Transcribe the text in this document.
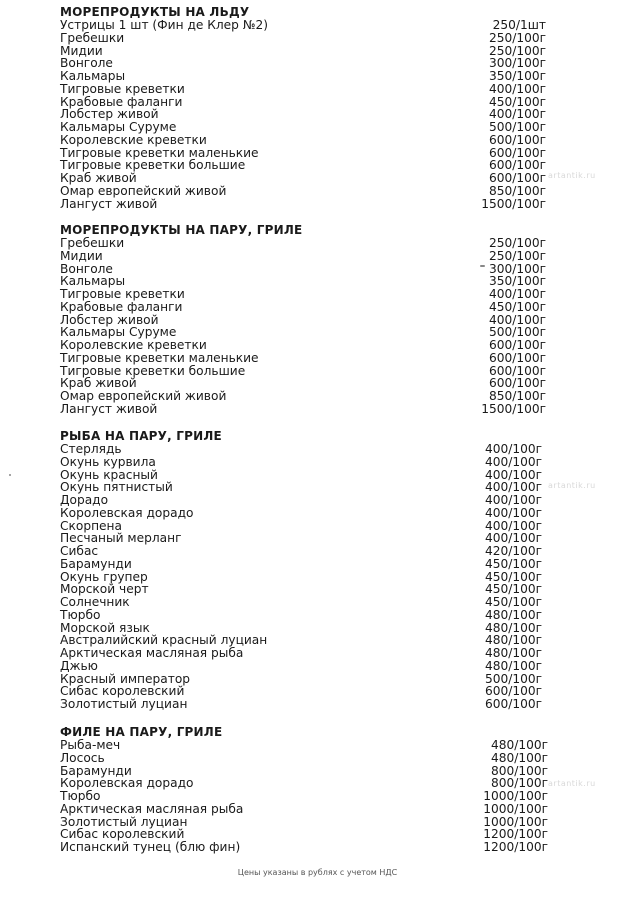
МОРЕПРОДУКТЫ НА ЛЬДУ
Устрицы 1 шт (Фин де Клер №2)	250/1шт
Гребешки	250/100г
Мидии	250/100г
Вонголе	300/100г
Кальмары	350/100г
Тигровые креветки	400/100г
Крабовые фаланги	450/100г
Лобстер живой	400/100г
Кальмары Суруме	500/100г
Королевские креветки	600/100г
Тигровые креветки маленькие	600/100г
Тигровые креветки большие	600/100г
Краб живой	600/100г
Омар европейский живой	850/100г
Лангуст живой	1500/100г
МОРЕПРОДУКТЫ НА ПАРУ, ГРИЛЕ
Гребешки	250/100г
Мидии	250/100г
Вонголе	300/100г
Кальмары	350/100г
Тигровые креветки	400/100г
Крабовые фаланги	450/100г
Лобстер живой	400/100г
Кальмары Суруме	500/100г
Королевские креветки	600/100г
Тигровые креветки маленькие	600/100г
Тигровые креветки большие	600/100г
Краб живой	600/100г
Омар европейский живой	850/100г
Лангуст живой	1500/100г
РЫБА НА ПАРУ, ГРИЛЕ
Стерлядь	400/100г
Окунь курвила	400/100г
Окунь красный	400/100г
Окунь пятнистый	400/100г
Дорадо	400/100г
Королевская дорадо	400/100г
Скорпена	400/100г
Песчаный мерланг	400/100г
Сибас	420/100г
Барамунди	450/100г
Окунь групер	450/100г
Морской черт	450/100г
Солнечник	450/100г
Тюрбо	480/100г
Морской язык	480/100г
Австралийский красный луциан	480/100г
Арктическая масляная рыба	480/100г
Джью	480/100г
Красный император	500/100г
Сибас королевский	600/100г
Золотистый луциан	600/100г
ФИЛЕ НА ПАРУ, ГРИЛЕ
Рыба-меч	480/100г
Лосось	480/100г
Барамунди	800/100г
Королевская дорадо	800/100г
Тюрбо	1000/100г
Арктическая масляная рыба	1000/100г
Золотистый луциан	1000/100г
Сибас королевский	1200/100г
Испанский тунец (блю фин)	1200/100г
artantik.ru
artantik.ru
artantik.ru
Цены указаны в рублях с учетом НДС
